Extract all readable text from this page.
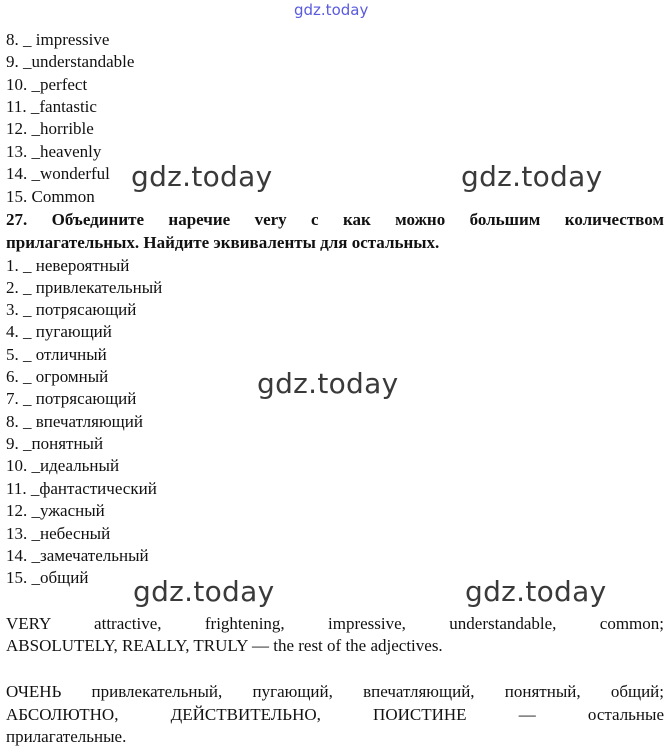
gdz.today
8. _ impressive
9. _understandable
10. _perfect
11. _fantastic
12. _horrible
13. _heavenly
14. _wonderful
15. Common
27. Объедините наречие very с как можно большим количеством
прилагательных. Найдите эквиваленты для остальных.
1. _ невероятный
2. _ привлекательный
3. _ потрясающий
4. _ пугающий
5. _ отличный
6. _ огромный
7. _ потрясающий
8. _ впечатляющий
9. _понятный
10. _идеальный
11. _фантастический
12. _ужасный
13. _небесный
14. _замечательный
15. _общий
VERY attractive, frightening, impressive, understandable, common;
ABSOLUTELY, REALLY, TRULY — the rest of the adjectives.
ОЧЕНЬ привлекательный, пугающий, впечатляющий, понятный, общий;
АБСОЛЮТНО, ДЕЙСТВИТЕЛЬНО, ПОИСТИНЕ — остальные
прилагательные.
gdz.today	gdz.today
gdz.today
gdz.today	gdz.today
